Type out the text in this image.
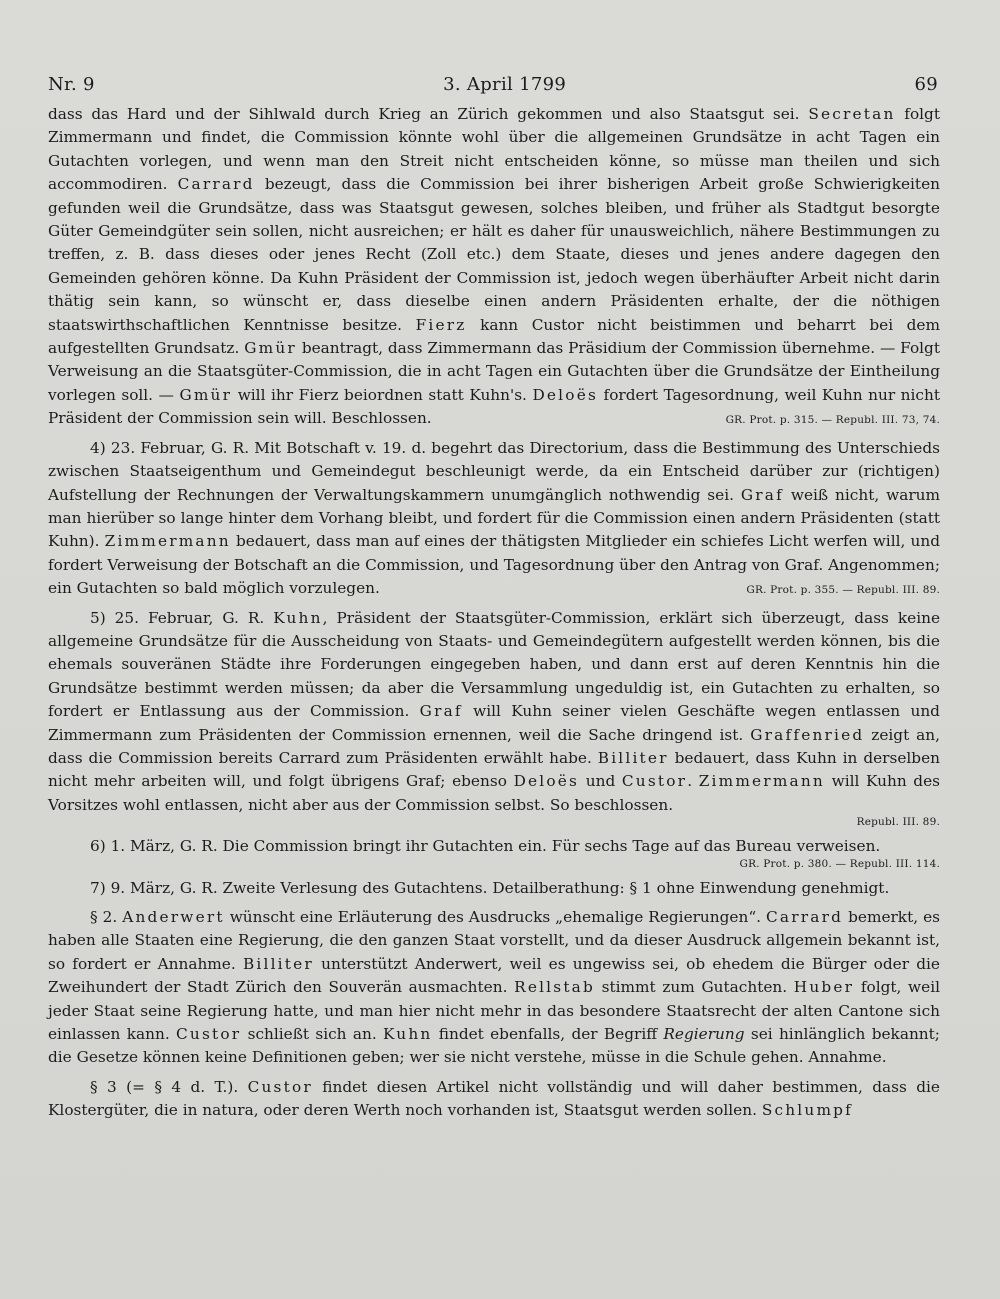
Nr. 9	3. April 1799	69

dass das Hard und der Sihlwald durch Krieg an Zürich gekommen und also Staatsgut sei. Secretan folgt Zimmermann und findet, die Commission könnte wohl über die allgemeinen Grundsätze in acht Tagen ein Gutachten vorlegen, und wenn man den Streit nicht entscheiden könne, so müsse man theilen und sich accommodiren. Carrard bezeugt, dass die Commission bei ihrer bisherigen Arbeit große Schwierigkeiten gefunden weil die Grundsätze, dass was Staatsgut gewesen, solches bleiben, und früher als Stadtgut besorgte Güter Gemeindgüter sein sollen, nicht ausreichen; er hält es daher für unausweichlich, nähere Bestimmungen zu treffen, z. B. dass dieses oder jenes Recht (Zoll etc.) dem Staate, dieses und jenes andere dagegen den Gemeinden gehören könne. Da Kuhn Präsident der Commission ist, jedoch wegen überhäufter Arbeit nicht darin thätig sein kann, so wünscht er, dass dieselbe einen andern Präsidenten erhalte, der die nöthigen staatswirthschaftlichen Kenntnisse besitze. Fierz kann Custor nicht beistimmen und beharrt bei dem aufgestellten Grundsatz. Gmür beantragt, dass Zimmermann das Präsidium der Commission übernehme. — Folgt Verweisung an die Staatsgüter-Commission, die in acht Tagen ein Gutachten über die Grundsätze der Eintheilung vorlegen soll. — Gmür will ihr Fierz beiordnen statt Kuhn's. Deloës fordert Tagesordnung, weil Kuhn nur nicht Präsident der Commission sein will. Beschlossen.	GR. Prot. p. 315. — Republ. III. 73, 74.

4) 23. Februar, G. R. Mit Botschaft v. 19. d. begehrt das Directorium, dass die Bestimmung des Unterschieds zwischen Staatseigenthum und Gemeindegut beschleunigt werde, da ein Entscheid darüber zur (richtigen) Aufstellung der Rechnungen der Verwaltungskammern unumgänglich nothwendig sei. Graf weiß nicht, warum man hierüber so lange hinter dem Vorhang bleibt, und fordert für die Commission einen andern Präsidenten (statt Kuhn). Zimmermann bedauert, dass man auf eines der thätigsten Mitglieder ein schiefes Licht werfen will, und fordert Verweisung der Botschaft an die Commission, und Tagesordnung über den Antrag von Graf. Angenommen; ein Gutachten so bald möglich vorzulegen.	GR. Prot. p. 355. — Republ. III. 89.

5) 25. Februar, G. R. Kuhn, Präsident der Staatsgüter-Commission, erklärt sich überzeugt, dass keine allgemeine Grundsätze für die Ausscheidung von Staats- und Gemeindegütern aufgestellt werden können, bis die ehemals souveränen Städte ihre Forderungen eingegeben haben, und dann erst auf deren Kenntnis hin die Grundsätze bestimmt werden müssen; da aber die Versammlung ungeduldig ist, ein Gutachten zu erhalten, so fordert er Entlassung aus der Commission. Graf will Kuhn seiner vielen Geschäfte wegen entlassen und Zimmermann zum Präsidenten der Commission ernennen, weil die Sache dringend ist. Graffenried zeigt an, dass die Commission bereits Carrard zum Präsidenten erwählt habe. Billiter bedauert, dass Kuhn in derselben nicht mehr arbeiten will, und folgt übrigens Graf; ebenso Deloës und Custor. Zimmermann will Kuhn des Vorsitzes wohl entlassen, nicht aber aus der Commission selbst. So beschlossen.
Republ. III. 89.

6) 1. März, G. R. Die Commission bringt ihr Gutachten ein. Für sechs Tage auf das Bureau verweisen.
GR. Prot. p. 380. — Republ. III. 114.

7) 9. März, G. R. Zweite Verlesung des Gutachtens. Detailberathung: § 1 ohne Einwendung genehmigt.

§ 2. Anderwert wünscht eine Erläuterung des Ausdrucks „ehemalige Regierungen“. Carrard bemerkt, es haben alle Staaten eine Regierung, die den ganzen Staat vorstellt, und da dieser Ausdruck allgemein bekannt ist, so fordert er Annahme. Billiter unterstützt Anderwert, weil es ungewiss sei, ob ehedem die Bürger oder die Zweihundert der Stadt Zürich den Souverän ausmachten. Rellstab stimmt zum Gutachten. Huber folgt, weil jeder Staat seine Regierung hatte, und man hier nicht mehr in das besondere Staatsrecht der alten Cantone sich einlassen kann. Custor schließt sich an. Kuhn findet ebenfalls, der Begriff Regierung sei hinlänglich bekannt; die Gesetze können keine Definitionen geben; wer sie nicht verstehe, müsse in die Schule gehen. Annahme.

§ 3 (= § 4 d. T.). Custor findet diesen Artikel nicht vollständig und will daher bestimmen, dass die Klostergüter, die in natura, oder deren Werth noch vorhanden ist, Staatsgut werden sollen. Schlumpf
